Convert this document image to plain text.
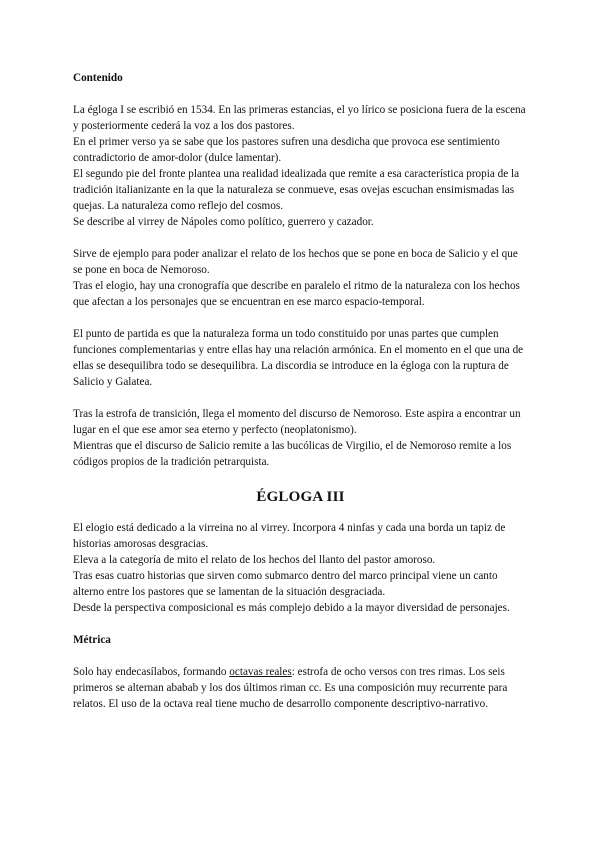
Contenido

La égloga I se escribió en 1534. En las primeras estancias, el yo lírico se posiciona fuera de la escena y posteriormente cederá la voz a los dos pastores.

En el primer verso ya se sabe que los pastores sufren una desdicha que provoca ese sentimiento contradictorio de amor-dolor (dulce lamentar).

El segundo pie del fronte plantea una realidad idealizada que remite a esa característica propia de la tradición italianizante en la que la naturaleza se conmueve, esas ovejas escuchan ensimismadas las quejas. La naturaleza como reflejo del cosmos.

Se describe al virrey de Nápoles como político, guerrero y cazador.

Sirve de ejemplo para poder analizar el relato de los hechos que se pone en boca de Salicio y el que se pone en boca de Nemoroso.

Tras el elogio, hay una cronografía que describe en paralelo el ritmo de la naturaleza con los hechos que afectan a los personajes que se encuentran en ese marco espacio-temporal.

El punto de partida es que la naturaleza forma un todo constituido por unas partes que cumplen funciones complementarias y entre ellas hay una relación armónica. En el momento en el que una de ellas se desequilibra todo se desequilibra. La discordia se introduce en la égloga con la ruptura de Salicio y Galatea.

Tras la estrofa de transición, llega el momento del discurso de Nemoroso. Este aspira a encontrar un lugar en el que ese amor sea eterno y perfecto (neoplatonismo).

Mientras que el discurso de Salicio remite a las bucólicas de Virgilio, el de Nemoroso remite a los códigos propios de la tradición petrarquista.

ÉGLOGA III

El elogio está dedicado a la virreina no al virrey. Incorpora 4 ninfas y cada una borda un tapiz de historias amorosas desgracias.

Eleva a la categoría de mito el relato de los hechos del llanto del pastor amoroso.

Tras esas cuatro historias que sirven como submarco dentro del marco principal viene un canto alterno entre los pastores que se lamentan de la situación desgraciada.

Desde la perspectiva composicional es más complejo debido a la mayor diversidad de personajes.

Métrica

Solo hay endecasílabos, formando octavas reales: estrofa de ocho versos con tres rimas. Los seis primeros se alternan ababab y los dos últimos riman cc. Es una composición muy recurrente para relatos. El uso de la octava real tiene mucho de desarrollo componente descriptivo-narrativo.
